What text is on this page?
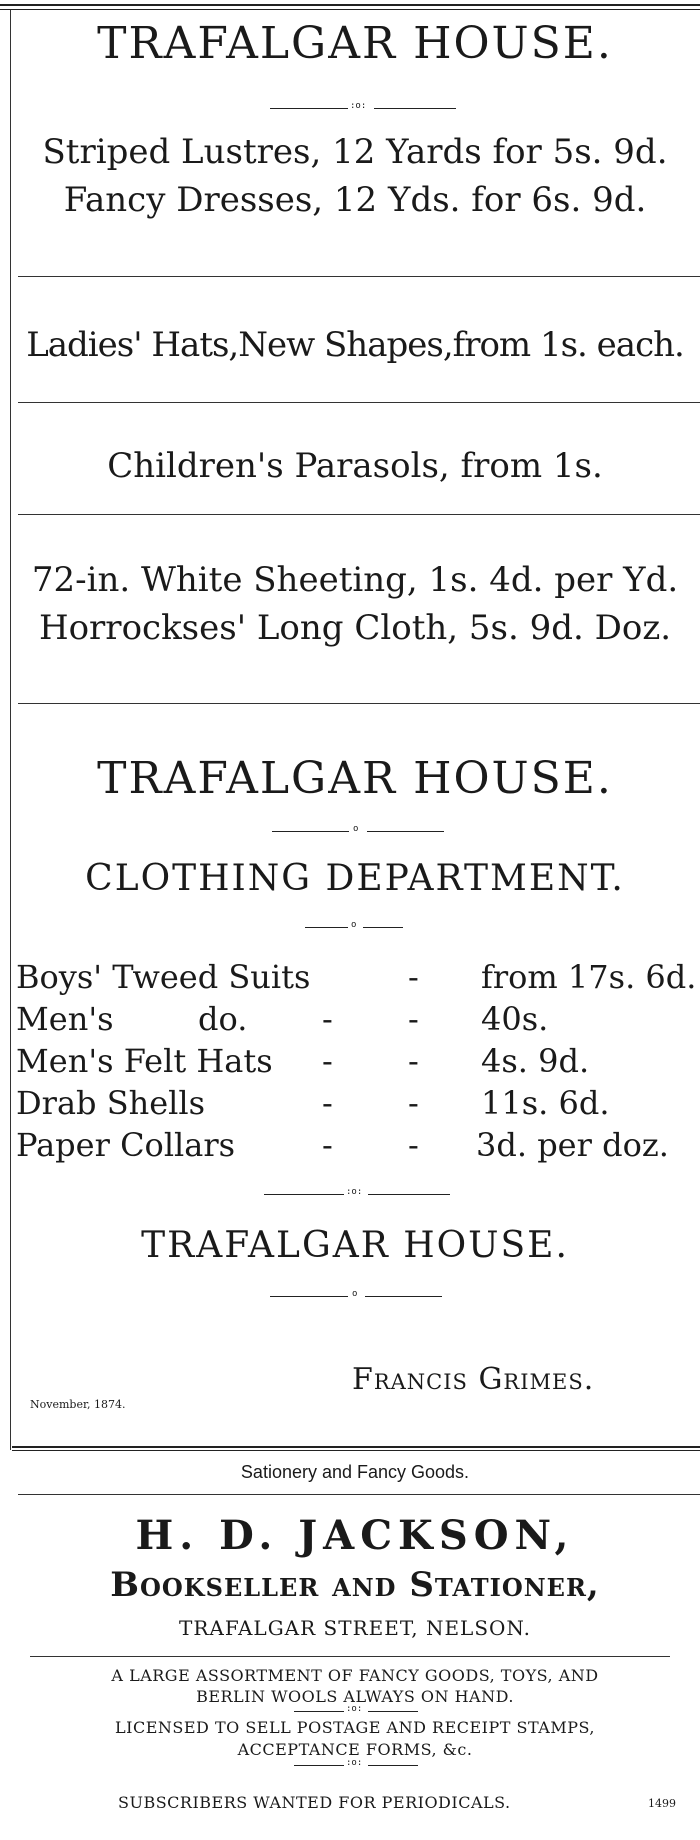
TRAFALGAR HOUSE.
:o:
Striped Lustres, 12 Yards for 5s. 9d.
Fancy Dresses, 12 Yds. for 6s. 9d.
Ladies' Hats,New Shapes,from 1s. each.
Children's Parasols, from 1s.
72-in. White Sheeting, 1s. 4d. per Yd.
Horrockses' Long Cloth, 5s. 9d. Doz.
TRAFALGAR HOUSE.
o
CLOTHING DEPARTMENT.
o
Boys' Tweed Suits	- from 17s. 6d.
Men's	do. - - 40s.
Men's Felt Hats - - 4s. 9d.
Drab Shells	- - 11s. 6d.
Paper Collars	- - 3d. per doz.
:o:
TRAFALGAR HOUSE.
o
Francis Grimes.
November, 1874.
Sationery and Fancy Goods.
H. D. JACKSON,
Bookseller and Stationer,
TRAFALGAR STREET, NELSON.
A LARGE ASSORTMENT OF FANCY GOODS, TOYS, AND
BERLIN WOOLS ALWAYS ON HAND.
:o:
LICENSED TO SELL POSTAGE AND RECEIPT STAMPS,
ACCEPTANCE FORMS, &c.
:o:
SUBSCRIBERS WANTED FOR PERIODICALS.	1499
